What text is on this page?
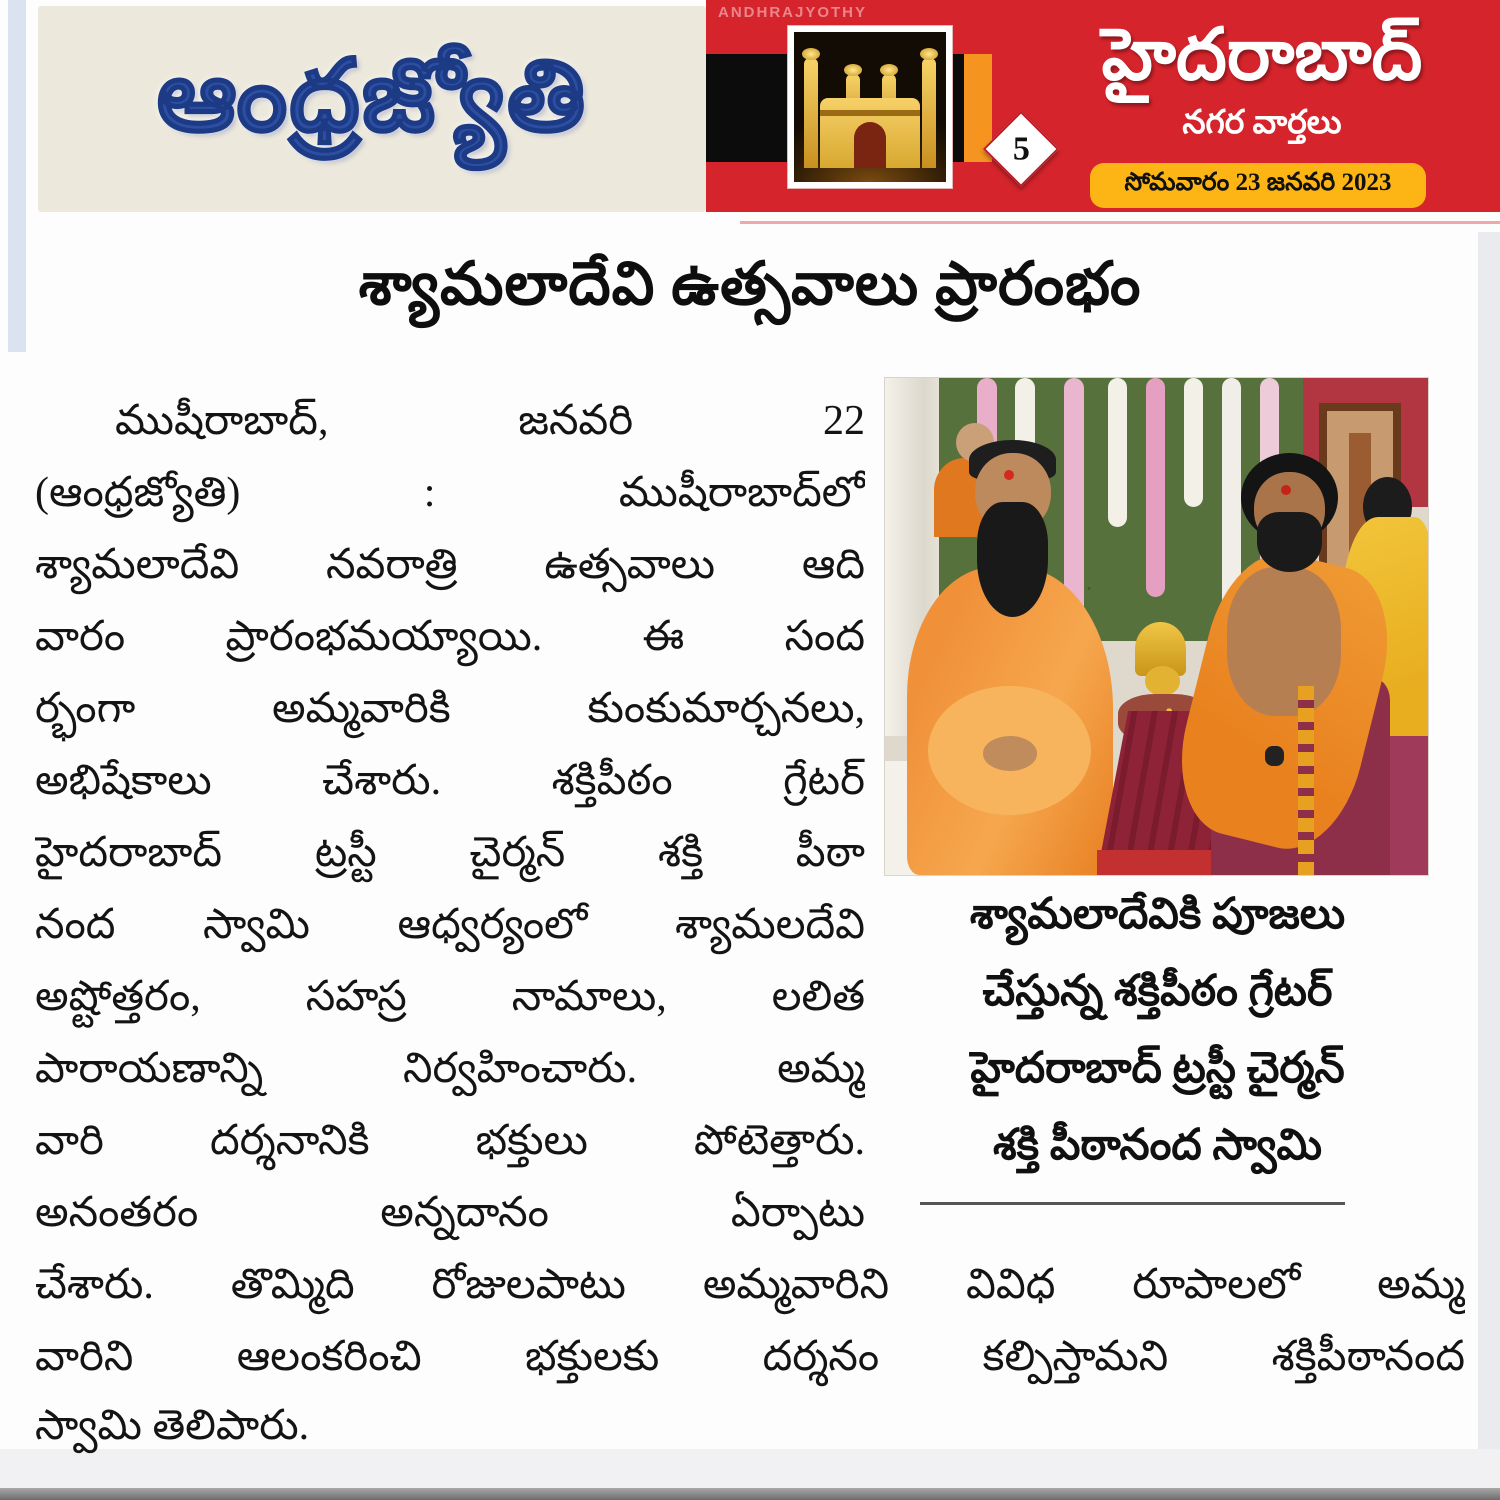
ఆంధ్రజ్యోతి
ANDHRAJYOTHY
5
హైదరాబాద్
నగర వార్తలు
సోమవారం 23 జనవరి 2023
శ్యామలాదేవి ఉత్సవాలు ప్రారంభం
ముషీరాబాద్, జనవరి 22
(ఆంధ్రజ్యోతి) : ముషీరాబాద్‌లో
శ్యామలాదేవి నవరాత్రి ఉత్సవాలు ఆది
వారం ప్రారంభమయ్యాయి. ఈ సంద
ర్భంగా అమ్మవారికి కుంకుమార్చనలు,
అభిషేకాలు చేశారు. శక్తిపీఠం గ్రేటర్
హైదరాబాద్ ట్రస్టీ చైర్మన్ శక్తి పీఠా
నంద స్వామి ఆధ్వర్యంలో శ్యామలదేవి
అష్టోత్తరం, సహస్ర నామాలు, లలిత
పారాయణాన్ని నిర్వహించారు. అమ్మ
వారి దర్శనానికి భక్తులు పోటెత్తారు.
అనంతరం అన్నదానం ఏర్పాటు
చేశారు. తొమ్మిది రోజులపాటు అమ్మవారిని వివిధ రూపాలలో అమ్మ
వారిని ఆలంకరించి భక్తులకు దర్శనం కల్పిస్తామని శక్తిపీఠానంద
స్వామి తెలిపారు.
శ్యామలాదేవికి పూజలు
చేస్తున్న శక్తిపీఠం గ్రేటర్
హైదరాబాద్ ట్రస్టీ చైర్మన్
శక్తి పీఠానంద స్వామి
